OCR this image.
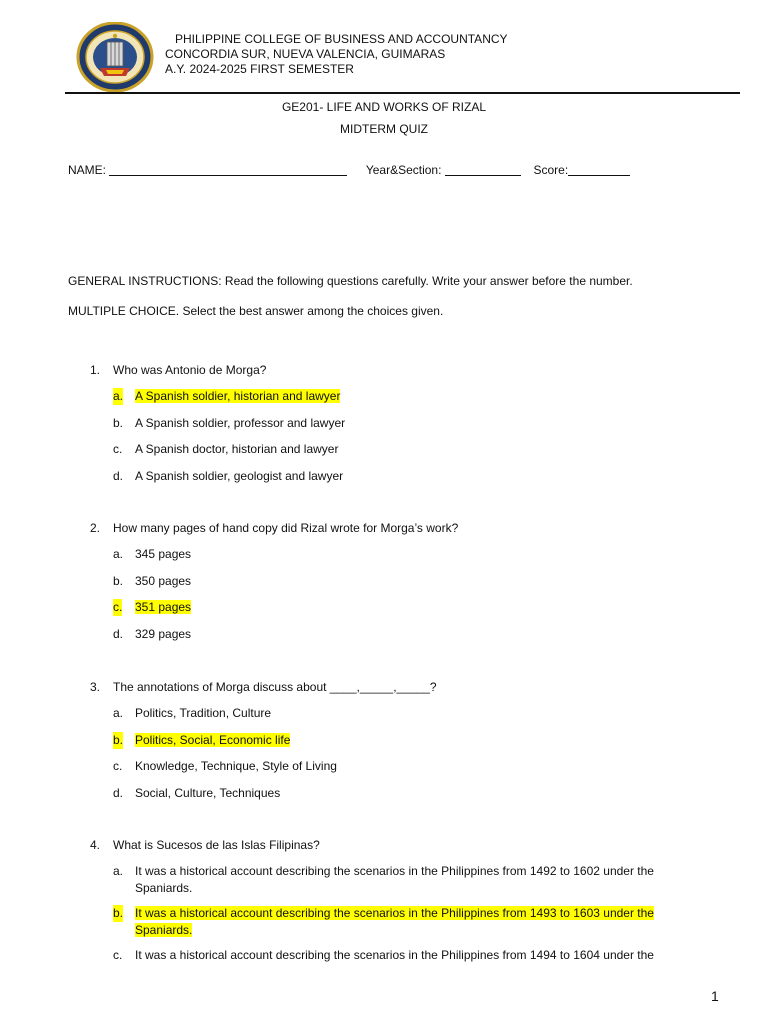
PHILIPPINE COLLEGE OF BUSINESS AND ACCOUNTANCY
CONCORDIA SUR, NUEVA VALENCIA, GUIMARAS
A.Y. 2024-2025 FIRST SEMESTER
GE201- LIFE AND WORKS OF RIZAL
MIDTERM QUIZ
NAME:	Year&Section:	Score:
GENERAL INSTRUCTIONS: Read the following questions carefully. Write your answer before the number.
MULTIPLE CHOICE. Select the best answer among the choices given.
1. Who was Antonio de Morga?
a. A Spanish soldier, historian and lawyer
b. A Spanish soldier, professor and lawyer
c. A Spanish doctor, historian and lawyer
d. A Spanish soldier, geologist and lawyer
2. How many pages of hand copy did Rizal wrote for Morga’s work?
a. 345 pages
b. 350 pages
c. 351 pages
d. 329 pages
3. The annotations of Morga discuss about ____,_____,_____?
a. Politics, Tradition, Culture
b. Politics, Social, Economic life
c. Knowledge, Technique, Style of Living
d. Social, Culture, Techniques
4. What is Sucesos de las Islas Filipinas?
a. It was a historical account describing the scenarios in the Philippines from 1492 to 1602 under the Spaniards.
b. It was a historical account describing the scenarios in the Philippines from 1493 to 1603 under the Spaniards.
c. It was a historical account describing the scenarios in the Philippines from 1494 to 1604 under the
1
